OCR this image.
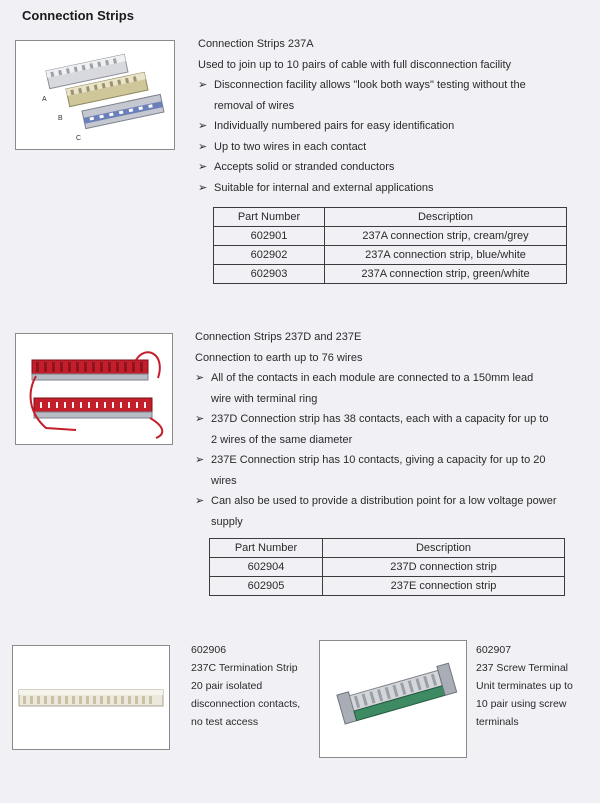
Connection Strips
A
B
C
Connection Strips 237A
Used to join up to 10 pairs of cable with full disconnection facility
➢ Disconnection facility allows "look both ways" testing without the
removal of wires
➢ Individually numbered pairs for easy identification
➢ Up to two wires in each contact
➢ Accepts solid or stranded conductors
➢ Suitable for internal and external applications
Part Number	Description
602901	237A connection strip, cream/grey
602902	237A connection strip, blue/white
602903	237A connection strip, green/white
Connection Strips 237D and 237E
Connection to earth up to 76 wires
➢ All of the contacts in each module are connected to a 150mm lead
wire with terminal ring
➢ 237D Connection strip has 38 contacts, each with a capacity for up to
2 wires of the same diameter
➢ 237E Connection strip has 10 contacts, giving a capacity for up to 20
wires
➢ Can also be used to provide a distribution point for a low voltage power
supply
Part Number	Description
602904	237D connection strip
602905	237E connection strip
602906
237C Termination Strip
20 pair isolated
disconnection contacts,
no test access
602907
237 Screw Terminal
Unit terminates up to
10 pair using screw
terminals
